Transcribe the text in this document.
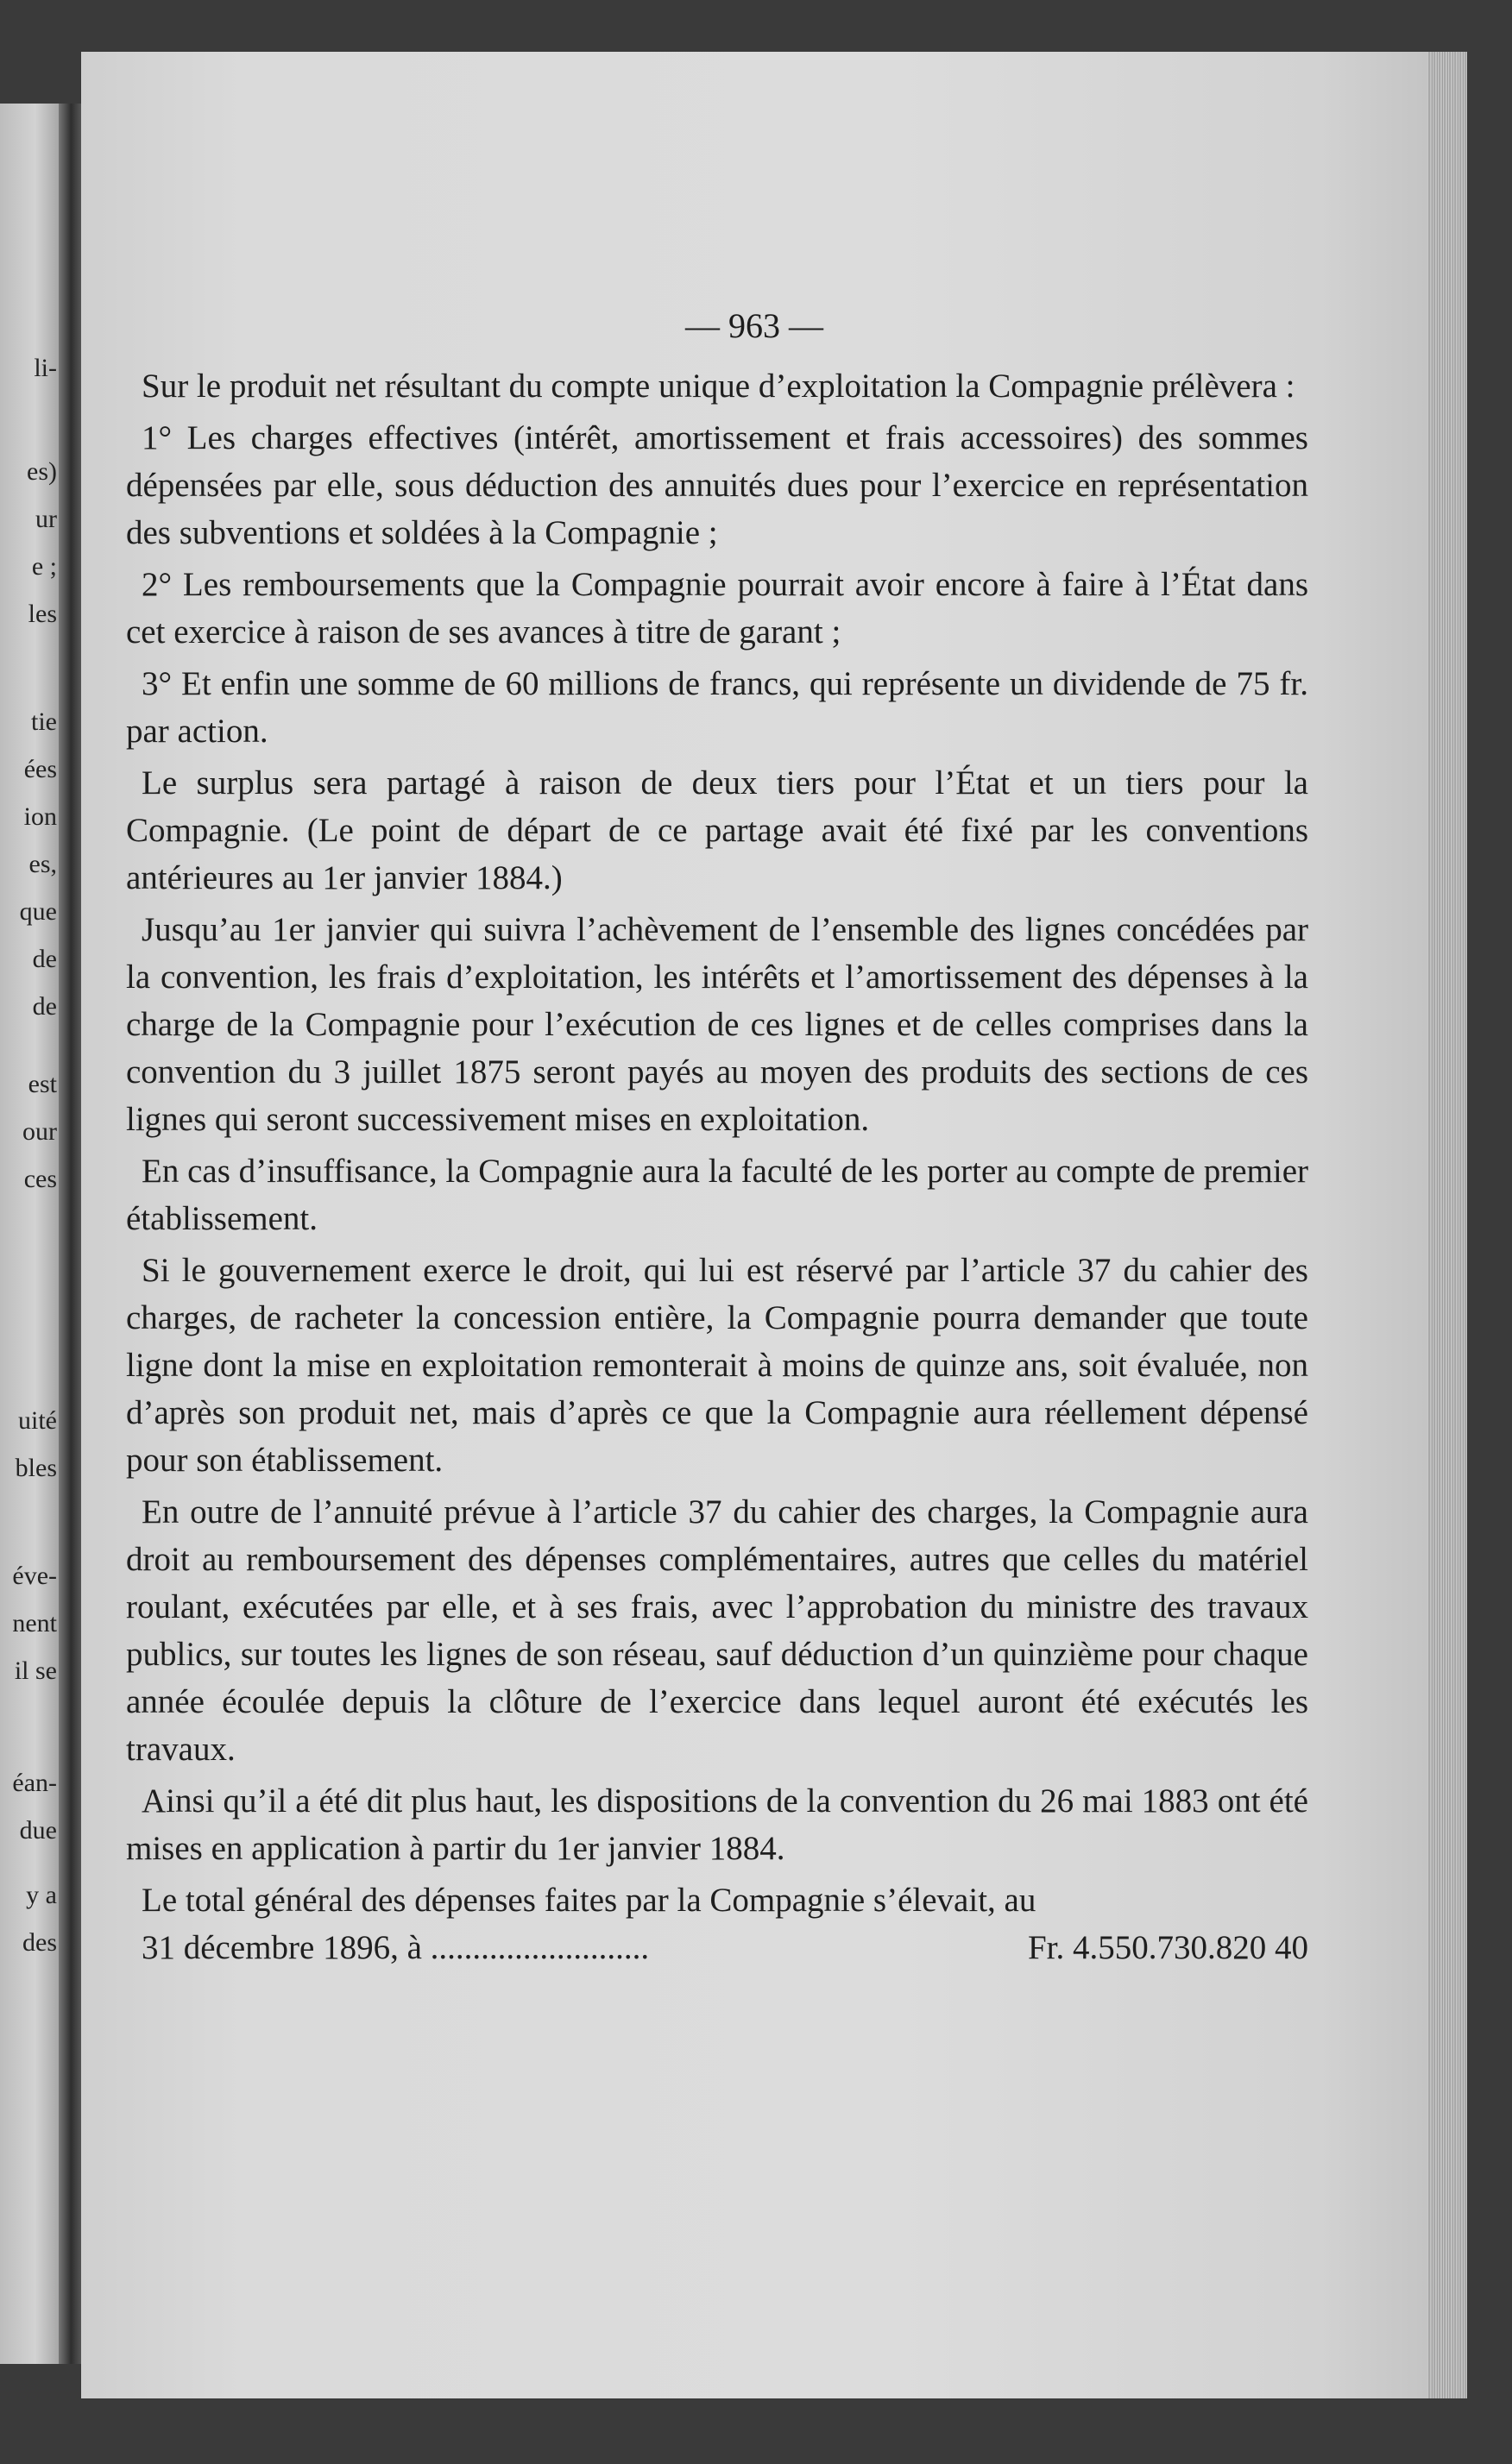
li-
es)
ur
e ;
les
tie
ées
ion
es,
que
de
de
est
our
ces
uité
bles
éve-
nent
il se
éan-
due
y a
des
— 963 —

Sur le produit net résultant du compte unique d’exploitation la Compagnie prélèvera :

1° Les charges effectives (intérêt, amortissement et frais accessoires) des sommes dépensées par elle, sous déduction des annuités dues pour l’exercice en représentation des subventions et soldées à la Compagnie ;

2° Les remboursements que la Compagnie pourrait avoir encore à faire à l’État dans cet exercice à raison de ses avances à titre de garant ;

3° Et enfin une somme de 60 millions de francs, qui représente un dividende de 75 fr. par action.

Le surplus sera partagé à raison de deux tiers pour l’État et un tiers pour la Compagnie. (Le point de départ de ce partage avait été fixé par les conventions antérieures au 1er janvier 1884.)

Jusqu’au 1er janvier qui suivra l’achèvement de l’ensemble des lignes concédées par la convention, les frais d’exploitation, les intérêts et l’amortissement des dépenses à la charge de la Compagnie pour l’exécution de ces lignes et de celles comprises dans la convention du 3 juillet 1875 seront payés au moyen des produits des sections de ces lignes qui seront successivement mises en exploitation.

En cas d’insuffisance, la Compagnie aura la faculté de les porter au compte de premier établissement.

Si le gouvernement exerce le droit, qui lui est réservé par l’article 37 du cahier des charges, de racheter la concession entière, la Compagnie pourra demander que toute ligne dont la mise en exploitation remonterait à moins de quinze ans, soit évaluée, non d’après son produit net, mais d’après ce que la Compagnie aura réellement dépensé pour son établissement.

En outre de l’annuité prévue à l’article 37 du cahier des charges, la Compagnie aura droit au remboursement des dépenses complémentaires, autres que celles du matériel roulant, exécutées par elle, et à ses frais, avec l’approbation du ministre des travaux publics, sur toutes les lignes de son réseau, sauf déduction d’un quinzième pour chaque année écoulée depuis la clôture de l’exercice dans lequel auront été exécutés les travaux.

Ainsi qu’il a été dit plus haut, les dispositions de la convention du 26 mai 1883 ont été mises en application à partir du 1er janvier 1884.

Le total général des dépenses faites par la Compagnie s’élevait, au
31 décembre 1896, à ..........................	Fr. 4.550.730.820 40
